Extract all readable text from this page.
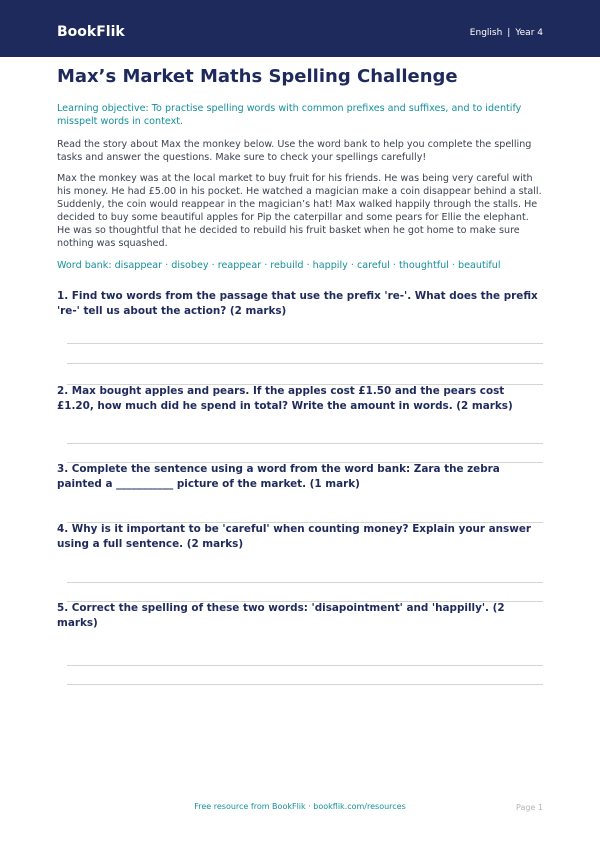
BookFlik	English | Year 4
Max’s Market Maths Spelling Challenge

Learning objective: To practise spelling words with common prefixes and suffixes, and to identify misspelt words in context.

Read the story about Max the monkey below. Use the word bank to help you complete the spelling tasks and answer the questions. Make sure to check your spellings carefully!

Max the monkey was at the local market to buy fruit for his friends. He was being very careful with his money. He had £5.00 in his pocket. He watched a magician make a coin disappear behind a stall. Suddenly, the coin would reappear in the magician’s hat! Max walked happily through the stalls. He decided to buy some beautiful apples for Pip the caterpillar and some pears for Ellie the elephant. He was so thoughtful that he decided to rebuild his fruit basket when he got home to make sure nothing was squashed.

Word bank: disappear · disobey · reappear · rebuild · happily · careful · thoughtful · beautiful

1. Find two words from the passage that use the prefix 're-'. What does the prefix 're-' tell us about the action? (2 marks)

2. Max bought apples and pears. If the apples cost £1.50 and the pears cost £1.20, how much did he spend in total? Write the amount in words. (2 marks)

3. Complete the sentence using a word from the word bank: Zara the zebra painted a ___________ picture of the market. (1 mark)

4. Why is it important to be 'careful' when counting money? Explain your answer using a full sentence. (2 marks)

5. Correct the spelling of these two words: 'disapointment' and 'happilly'. (2 marks)

Free resource from BookFlik · bookflik.com/resources	Page 1
